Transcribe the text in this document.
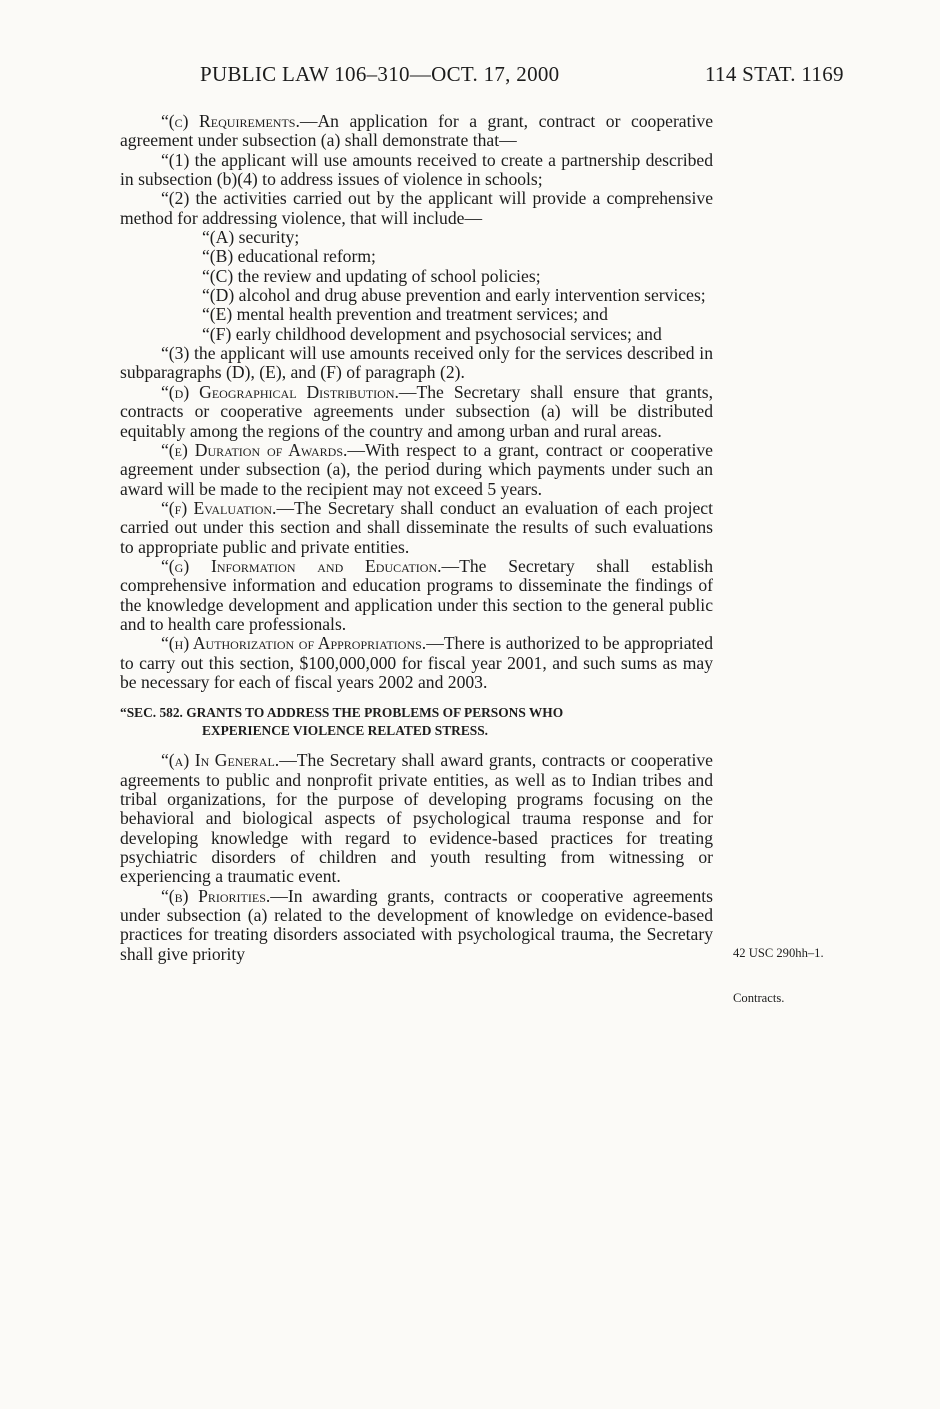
PUBLIC LAW 106–310—OCT. 17, 2000	114 STAT. 1169

“(c) Requirements.—An application for a grant, contract or cooperative agreement under subsection (a) shall demonstrate that—

“(1) the applicant will use amounts received to create a partnership described in subsection (b)(4) to address issues of violence in schools;

“(2) the activities carried out by the applicant will provide a comprehensive method for addressing violence, that will include—

“(A) security;

“(B) educational reform;

“(C) the review and updating of school policies;

“(D) alcohol and drug abuse prevention and early intervention services;

“(E) mental health prevention and treatment services; and

“(F) early childhood development and psychosocial services; and

“(3) the applicant will use amounts received only for the services described in subparagraphs (D), (E), and (F) of paragraph (2).

“(d) Geographical Distribution.—The Secretary shall ensure that grants, contracts or cooperative agreements under subsection (a) will be distributed equitably among the regions of the country and among urban and rural areas.

“(e) Duration of Awards.—With respect to a grant, contract or cooperative agreement under subsection (a), the period during which payments under such an award will be made to the recipient may not exceed 5 years.

“(f) Evaluation.—The Secretary shall conduct an evaluation of each project carried out under this section and shall disseminate the results of such evaluations to appropriate public and private entities.

“(g) Information and Education.—The Secretary shall establish comprehensive information and education programs to disseminate the findings of the knowledge development and application under this section to the general public and to health care professionals.

“(h) Authorization of Appropriations.—There is authorized to be appropriated to carry out this section, $100,000,000 for fiscal year 2001, and such sums as may be necessary for each of fiscal years 2002 and 2003.

“SEC. 582. GRANTS TO ADDRESS THE PROBLEMS OF PERSONS WHO
EXPERIENCE VIOLENCE RELATED STRESS.

“(a) In General.—The Secretary shall award grants, contracts or cooperative agreements to public and nonprofit private entities, as well as to Indian tribes and tribal organizations, for the purpose of developing programs focusing on the behavioral and biological aspects of psychological trauma response and for developing knowledge with regard to evidence-based practices for treating psychiatric disorders of children and youth resulting from witnessing or experiencing a traumatic event.

“(b) Priorities.—In awarding grants, contracts or cooperative agreements under subsection (a) related to the development of knowledge on evidence-based practices for treating disorders associated with psychological trauma, the Secretary shall give priority	42 USC 290hh–1.
Contracts.
